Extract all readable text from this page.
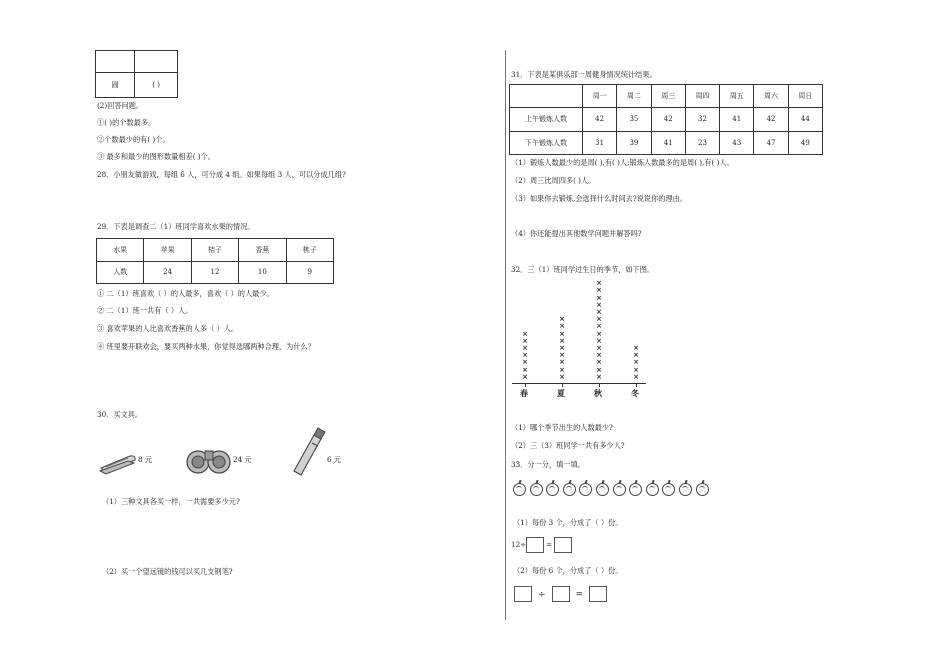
圆	( )
(2)回答问题。
①( )的个数最多。
②个数最少的有( )个。
③ 最多和最少的图形数量相差( )个。
28．小朋友做游戏，每组 6 人，可分成 4 组。如果每组 3 人，可以分成几组?
29．下表是调查二（1）班同学喜欢水果的情况。
水果	苹果	桔子	香蕉	桃子
人数	24	12	10	9
① 二（1）班喜欢（ ）的人最多，喜欢（ ）的人最少。
② 二（1）班一共有（ ）人。
③ 喜欢苹果的人比喜欢香蕉的人多（ ）人。
④ 班里要开联欢会，要买两种水果，你觉得选哪两种合理，为什么？
30．买文具。
8 元	24 元	6 元
（1）三种文具各买一样，一共需要多少元?
（2）买一个望远镜的钱可以买几支钢笔?
31．下表是某俱乐部一周健身情况统计结果。
	周一	周二	周三	周四	周五	周六	周日
上午锻炼人数	42	35	42	32	41	42	44
下午锻炼人数	31	39	41	23	43	47	49
（1）锻炼人数最少的是周( ),有( )人;锻炼人数最多的是周( ),有( )人。
（2）周三比周四多( )人。
（3）如果你去锻炼,会选择什么时间去?说说你的理由。
（4）你还能提出其他数学问题并解答吗?
32．三（1）班同学过生日的季节，如下图。
×
×
×
×
×
×
×
春
×
×
×
×
×
×
×
×
×
夏
×
×
×
×
×
×
×
×
×
×
×
×
×
×
秋
×
×
×
×
×
冬
（1）哪个季节出生的人数最少?
（2）三（3）班同学一共有多少人?
33．分一分，填一填。
（1）每份 3 个，分成了（ ）份。
12÷	=
（2）每份 6 个，分成了（ ）份。
÷	=
